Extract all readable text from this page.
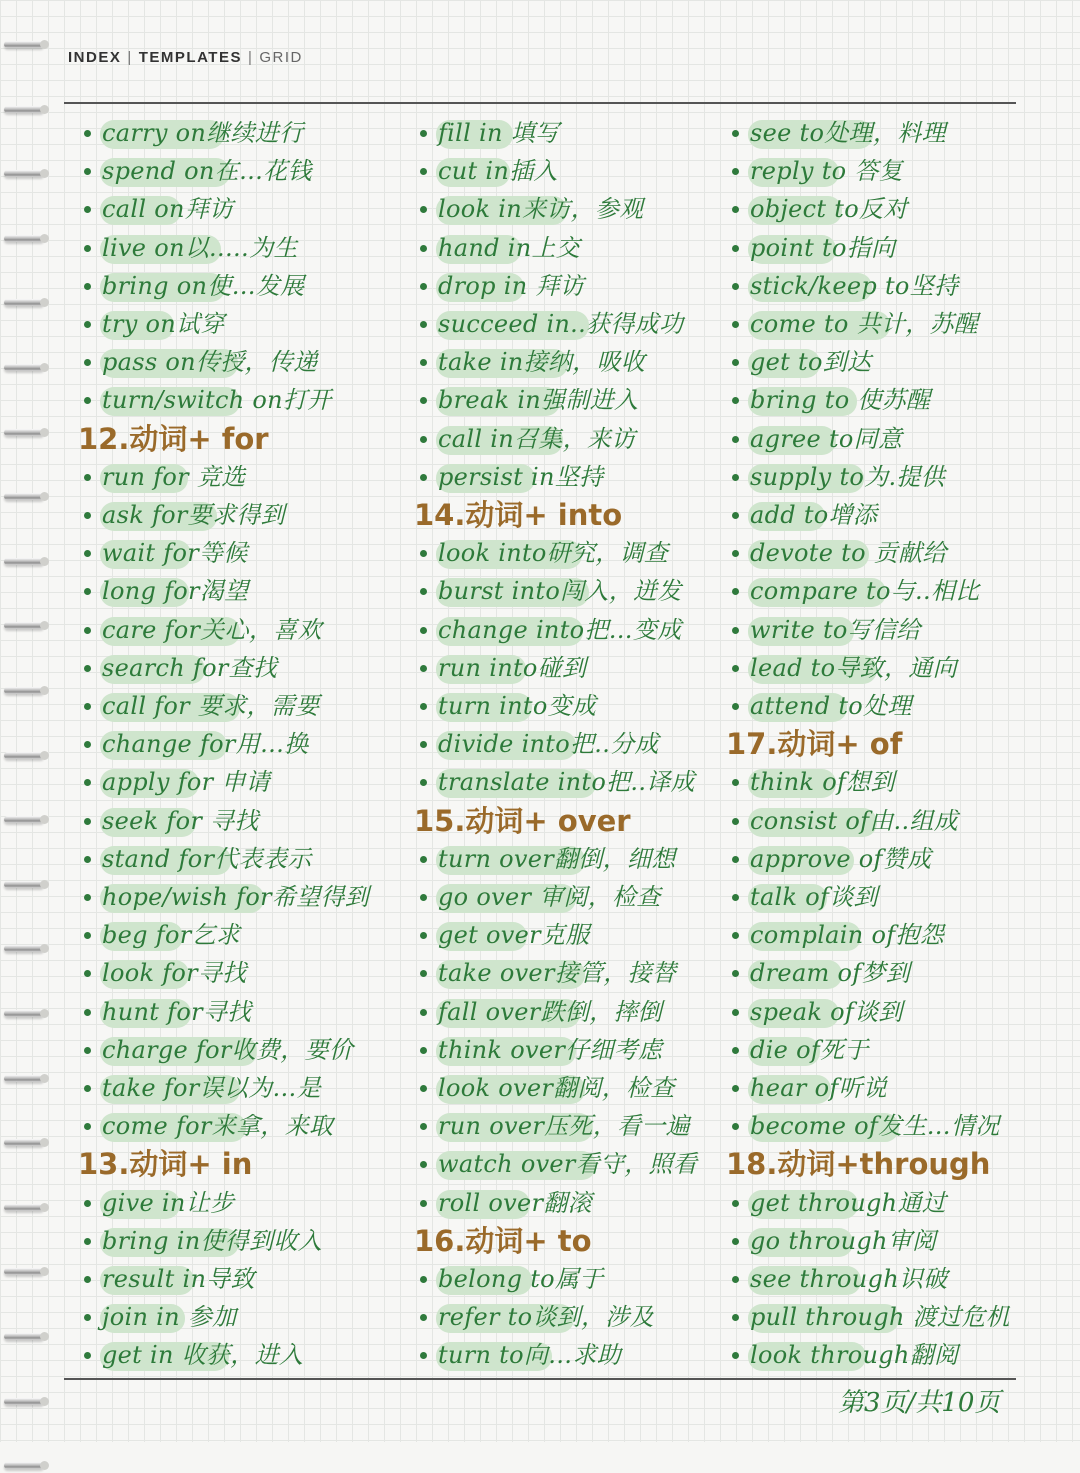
INDEX | TEMPLATES | GRID
carry on继续进行
spend on在…花钱
call on拜访
live on以..…为生
bring on使…发展
try on试穿
pass on传授，传递
turn/switch on打开
12.动词+ for
run for 竞选
ask for要求得到
wait for等候
long for渴望
care for关心，喜欢
search for查找
call for 要求，需要
change for用…换
apply for 申请
seek for 寻找
stand for代表表示
hope/wish for希望得到
beg for乞求
look for寻找
hunt for寻找
charge for收费，要价
take for误以为…是
come for来拿，来取
13.动词+ in
give in让步
bring in使得到收入
result in导致
join in 参加
get in 收获，进入
fill in 填写
cut in插入
look in来访，参观
hand in上交
drop in 拜访
succeed in..获得成功
take in接纳，吸收
break in强制进入
call in召集，来访
persist in坚持
14.动词+ into
look into研究，调查
burst into闯入，迸发
change into把…变成
run into碰到
turn into变成
divide into把..分成
translate into把..译成
15.动词+ over
turn over翻倒，细想
go over 审阅，检查
get over克服
take over接管，接替
fall over跌倒，摔倒
think over仔细考虑
look over翻阅，检查
run over压死，看一遍
watch over看守，照看
roll over翻滚
16.动词+ to
belong to属于
refer to谈到，涉及
turn to向…求助
see to处理，料理
reply to 答复
object to反对
point to指向
stick/keep to坚持
come to 共计，苏醒
get to到达
bring to 使苏醒
agree to同意
supply to为.提供
add to增添
devote to 贡献给
compare to与..相比
write to写信给
lead to导致，通向
attend to处理
17.动词+ of
think of想到
consist of由..组成
approve of赞成
talk of谈到
complain of抱怨
dream of梦到
speak of谈到
die of死于
hear of听说
become of发生…情况
18.动词+through
get through通过
go through审阅
see through识破
pull through 渡过危机
look through翻阅
第3页/共10页
